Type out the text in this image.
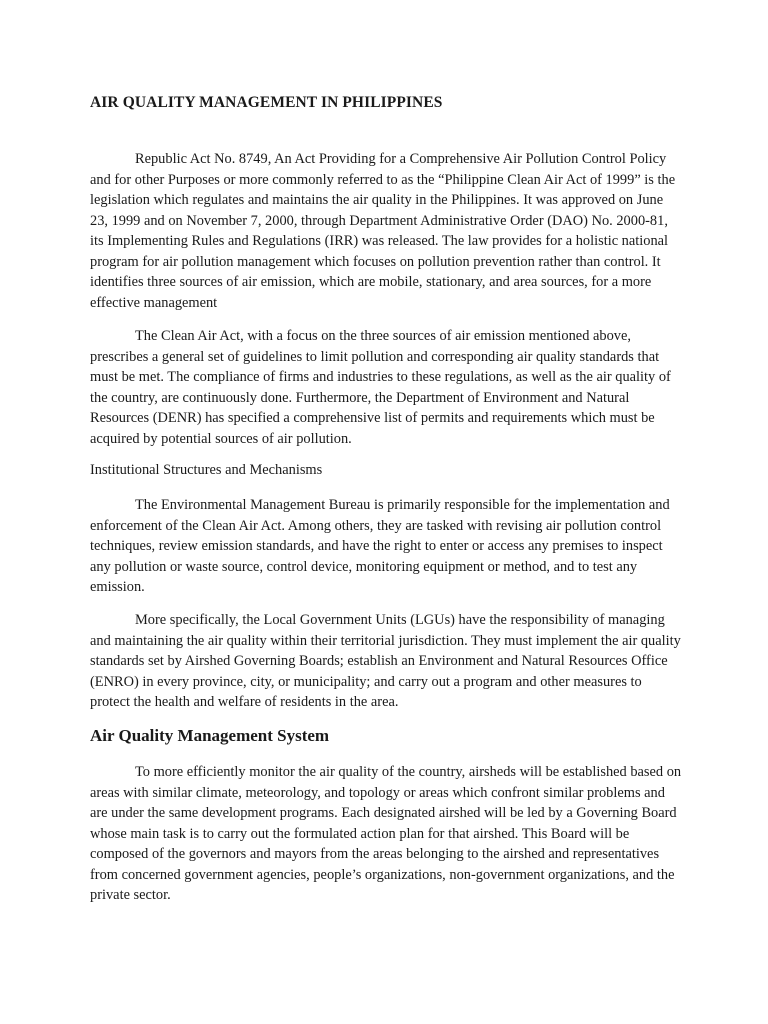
AIR QUALITY MANAGEMENT IN PHILIPPINES

Republic Act No. 8749, An Act Providing for a Comprehensive Air Pollution Control Policy and for other Purposes or more commonly referred to as the “Philippine Clean Air Act of 1999” is the legislation which regulates and maintains the air quality in the Philippines. It was approved on June 23, 1999 and on November 7, 2000, through Department Administrative Order (DAO) No. 2000-81, its Implementing Rules and Regulations (IRR) was released. The law provides for a holistic national program for air pollution management which focuses on pollution prevention rather than control. It identifies three sources of air emission, which are mobile, stationary, and area sources, for a more effective management

The Clean Air Act, with a focus on the three sources of air emission mentioned above, prescribes a general set of guidelines to limit pollution and corresponding air quality standards that must be met. The compliance of firms and industries to these regulations, as well as the air quality of the country, are continuously done. Furthermore, the Department of Environment and Natural Resources (DENR) has specified a comprehensive list of permits and requirements which must be acquired by potential sources of air pollution.

Institutional Structures and Mechanisms

The Environmental Management Bureau is primarily responsible for the implementation and enforcement of the Clean Air Act. Among others, they are tasked with revising air pollution control techniques, review emission standards, and have the right to enter or access any premises to inspect any pollution or waste source, control device, monitoring equipment or method, and to test any emission.

More specifically, the Local Government Units (LGUs) have the responsibility of managing and maintaining the air quality within their territorial jurisdiction. They must implement the air quality standards set by Airshed Governing Boards; establish an Environment and Natural Resources Office (ENRO) in every province, city, or municipality; and carry out a program and other measures to protect the health and welfare of residents in the area.

Air Quality Management System

To more efficiently monitor the air quality of the country, airsheds will be established based on areas with similar climate, meteorology, and topology or areas which confront similar problems and are under the same development programs. Each designated airshed will be led by a Governing Board whose main task is to carry out the formulated action plan for that airshed. This Board will be composed of the governors and mayors from the areas belonging to the airshed and representatives from concerned government agencies, people’s organizations, non-government organizations, and the private sector.
